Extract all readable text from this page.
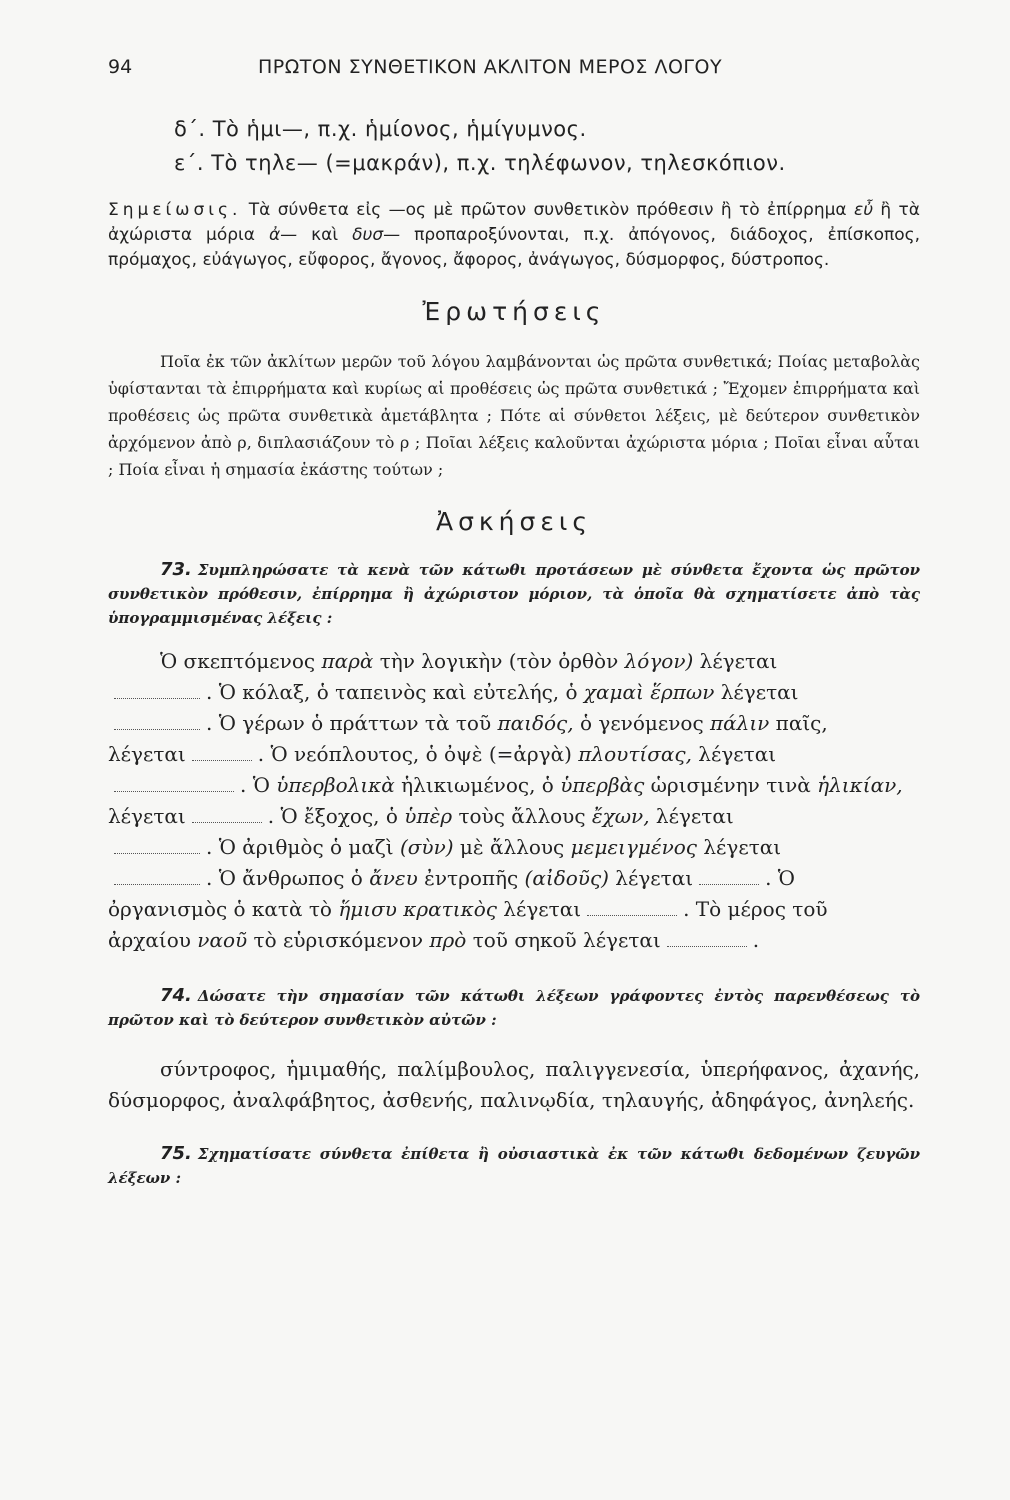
94	ΠΡΩΤΟΝ ΣΥΝΘΕΤΙΚΟΝ ΑΚΛΙΤΟΝ ΜΕΡΟΣ ΛΟΓΟΥ
δ΄. Τὸ ἡμι—, π.χ. ἡμίονος, ἡμίγυμνος.
ε΄. Τὸ τηλε— (=μακράν), π.χ. τηλέφωνον, τηλεσκόπιον.
Σημείωσις. Τὰ σύνθετα εἰς —ος μὲ πρῶτον συνθετικὸν πρόθεσιν ἢ τὸ ἐπίρρημα εὖ ἢ τὰ ἀχώριστα μόρια ἀ— καὶ δυσ— προπαροξύνονται, π.χ. ἀπόγονος, διάδοχος, ἐπίσκοπος, πρόμαχος, εὐάγωγος, εὔφορος, ἄγονος, ἄφορος, ἀνάγωγος, δύσμορφος, δύστροπος.
Ἐρωτήσεις
Ποῖα ἐκ τῶν ἀκλίτων μερῶν τοῦ λόγου λαμβάνονται ὡς πρῶτα συνθετικά; Ποίας μεταβολὰς ὑφίστανται τὰ ἐπιρρήματα καὶ κυρίως αἱ προθέσεις ὡς πρῶτα συνθετικά ; Ἔχομεν ἐπιρρήματα καὶ προθέσεις ὡς πρῶτα συνθετικὰ ἀμετάβλητα ; Πότε αἱ σύνθετοι λέξεις, μὲ δεύτερον συνθετικὸν ἀρχόμενον ἀπὸ ρ, διπλασιάζουν τὸ ρ ; Ποῖαι λέξεις καλοῦνται ἀχώριστα μόρια ; Ποῖαι εἶναι αὗται ; Ποία εἶναι ἡ σημασία ἑκάστης τούτων ;
Ἀσκήσεις
73. Συμπληρώσατε τὰ κενὰ τῶν κάτωθι προτάσεων μὲ σύνθετα ἔχοντα ὡς πρῶτον συνθετικὸν πρόθεσιν, ἐπίρρημα ἢ ἀχώριστον μόριον, τὰ ὁποῖα θὰ σχηματίσετε ἀπὸ τὰς ὑπογραμμισμένας λέξεις :
Ὁ σκεπτόμενος παρὰ τὴν λογικὴν (τὸν ὀρθὸν λόγον) λέγεται
. Ὁ κόλαξ, ὁ ταπεινὸς καὶ εὐτελής, ὁ χαμαὶ ἕρπων λέγεται
. Ὁ γέρων ὁ πράττων τὰ τοῦ παιδός, ὁ γενόμενος πάλιν παῖς,
λέγεται	. Ὁ νεόπλουτος, ὁ ὀψὲ (=ἀργὰ) πλουτίσας, λέγεται
. Ὁ ὑπερβολικὰ ἡλικιωμένος, ὁ ὑπερβὰς ὡρισμένην τινὰ ἡλικίαν,
λέγεται	. Ὁ ἔξοχος, ὁ ὑπὲρ τοὺς ἄλλους ἔχων, λέγεται
. Ὁ ἀριθμὸς ὁ μαζὶ (σὺν) μὲ ἄλλους μεμειγμένος λέγεται
. Ὁ ἄνθρωπος ὁ ἄνευ ἐντροπῆς (αἰδοῦς) λέγεται	. Ὁ
ὀργανισμὸς ὁ κατὰ τὸ ἥμισυ κρατικὸς λέγεται	. Τὸ μέρος τοῦ
ἀρχαίου ναοῦ τὸ εὑρισκόμενον πρὸ τοῦ σηκοῦ λέγεται	.
74. Δώσατε τὴν σημασίαν τῶν κάτωθι λέξεων γράφοντες ἐντὸς παρενθέσεως τὸ πρῶτον καὶ τὸ δεύτερον συνθετικὸν αὐτῶν :
σύντροφος, ἡμιμαθής, παλίμβουλος, παλιγγενεσία, ὑπερήφανος, ἀχανής, δύσμορφος, ἀναλφάβητος, ἀσθενής, παλινῳδία, τηλαυγής, ἀδηφάγος, ἀνηλεής.
75. Σχηματίσατε σύνθετα ἐπίθετα ἢ οὐσιαστικὰ ἐκ τῶν κάτωθι δεδομένων ζευγῶν λέξεων :
